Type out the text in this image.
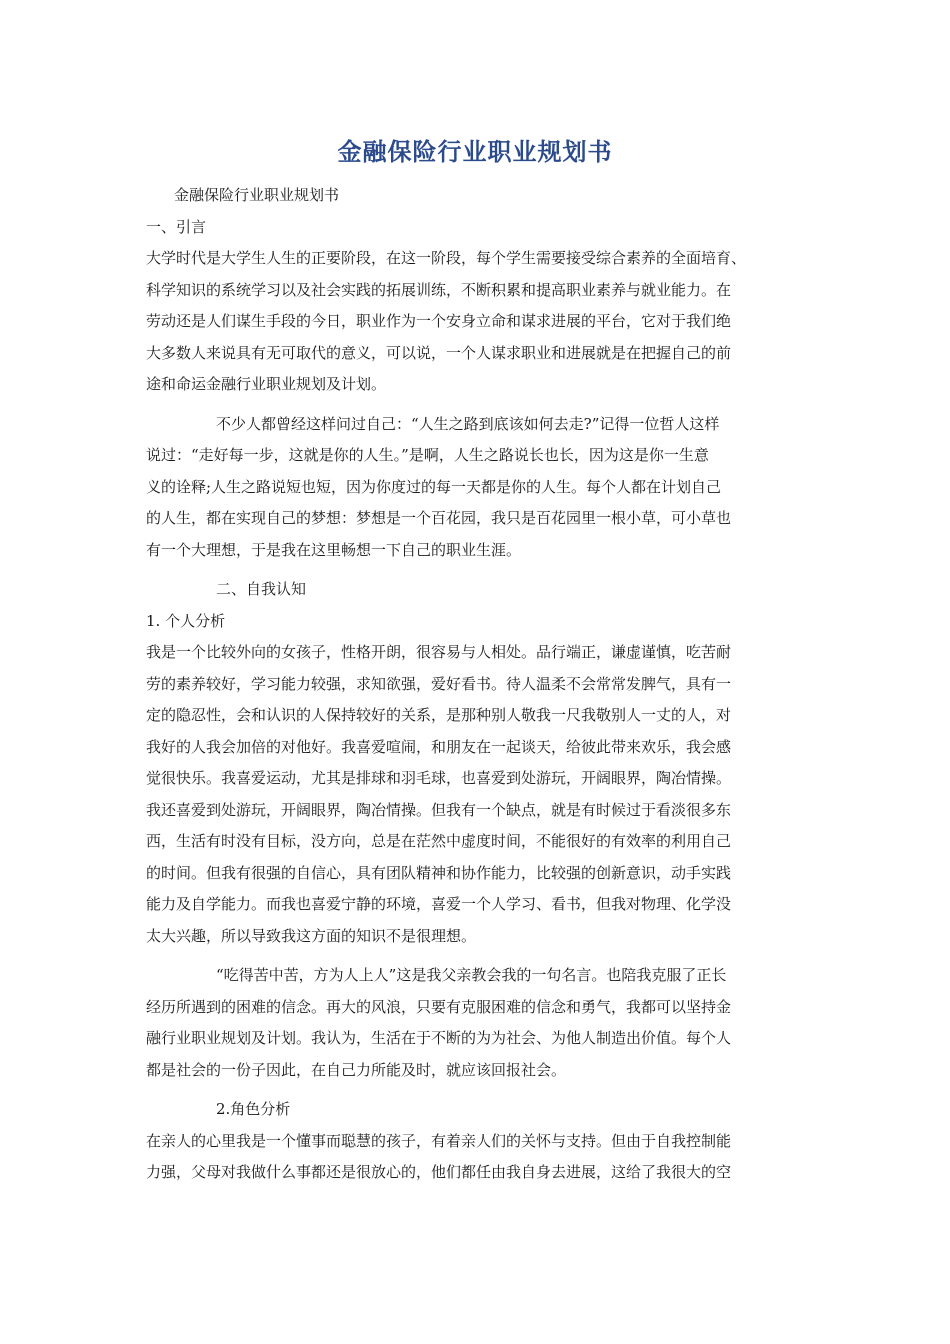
金融保险行业职业规划书
金融保险行业职业规划书
一、引言
大学时代是大学生人生的正要阶段，在这一阶段，每个学生需要接受综合素养的全面培育、
科学知识的系统学习以及社会实践的拓展训练，不断积累和提高职业素养与就业能力。在
劳动还是人们谋生手段的今日，职业作为一个安身立命和谋求进展的平台，它对于我们绝
大多数人来说具有无可取代的意义，可以说，一个人谋求职业和进展就是在把握自己的前
途和命运金融行业职业规划及计划。
不少人都曾经这样问过自己：“人生之路到底该如何去走?”记得一位哲人这样
说过：“走好每一步，这就是你的人生。”是啊，人生之路说长也长，因为这是你一生意
义的诠释;人生之路说短也短，因为你度过的每一天都是你的人生。每个人都在计划自己
的人生，都在实现自己的梦想：梦想是一个百花园，我只是百花园里一根小草，可小草也
有一个大理想，于是我在这里畅想一下自己的职业生涯。
二、自我认知
1. 个人分析
我是一个比较外向的女孩子，性格开朗，很容易与人相处。品行端正，谦虚谨慎，吃苦耐
劳的素养较好，学习能力较强，求知欲强，爱好看书。待人温柔不会常常发脾气，具有一
定的隐忍性，会和认识的人保持较好的关系，是那种别人敬我一尺我敬别人一丈的人，对
我好的人我会加倍的对他好。我喜爱喧闹，和朋友在一起谈天，给彼此带来欢乐，我会感
觉很快乐。我喜爱运动，尤其是排球和羽毛球，也喜爱到处游玩，开阔眼界，陶冶情操。
我还喜爱到处游玩，开阔眼界，陶冶情操。但我有一个缺点，就是有时候过于看淡很多东
西，生活有时没有目标，没方向，总是在茫然中虚度时间，不能很好的有效率的利用自己
的时间。但我有很强的自信心，具有团队精神和协作能力，比较强的创新意识，动手实践
能力及自学能力。而我也喜爱宁静的环境，喜爱一个人学习、看书，但我对物理、化学没
太大兴趣，所以导致我这方面的知识不是很理想。
“吃得苦中苦，方为人上人”这是我父亲教会我的一句名言。也陪我克服了正长
经历所遇到的困难的信念。再大的风浪，只要有克服困难的信念和勇气，我都可以坚持金
融行业职业规划及计划。我认为，生活在于不断的为为社会、为他人制造出价值。每个人
都是社会的一份子因此，在自己力所能及时，就应该回报社会。
2.角色分析
在亲人的心里我是一个懂事而聪慧的孩子，有着亲人们的关怀与支持。但由于自我控制能
力强，父母对我做什么事都还是很放心的，他们都任由我自身去进展，这给了我很大的空
